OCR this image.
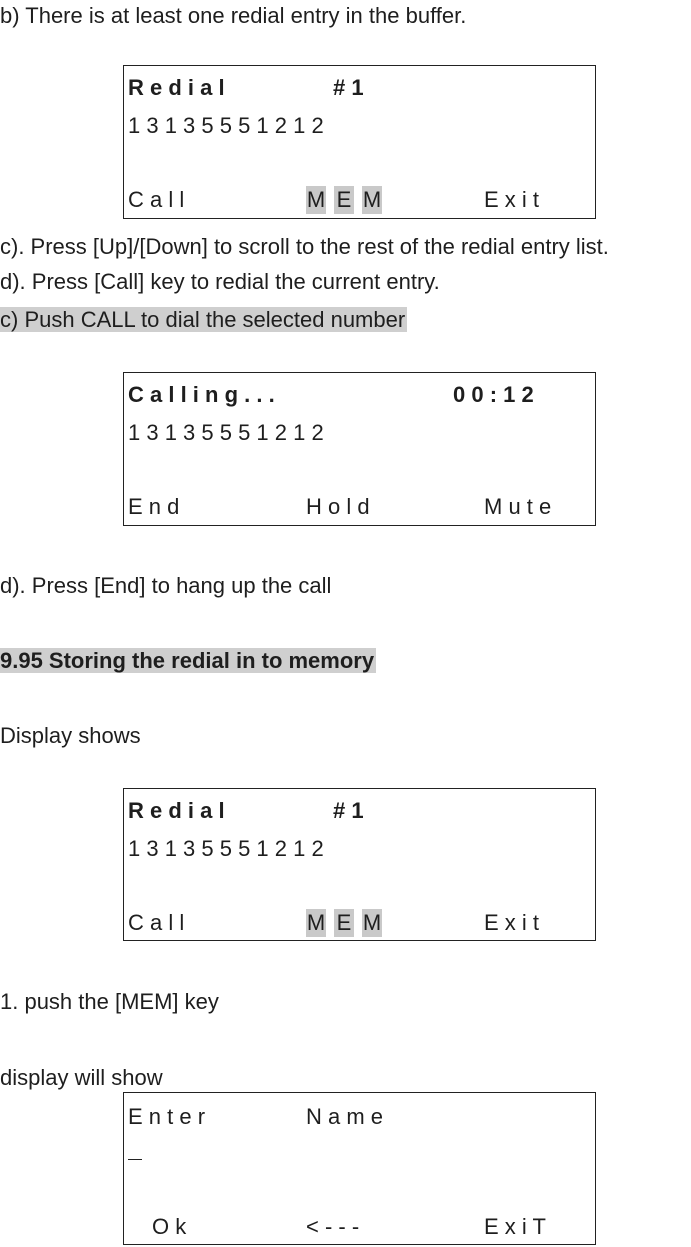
b) There is at least one redial entry in the buffer.
R e d i a l	# 1
1 3 1 3 5 5 5 1 2 1 2
C a l l	M E M	E x i t
c). Press [Up]/[Down] to scroll to the rest of the redial entry list.
d). Press [Call] key to redial the current entry.
c) Push CALL to dial the selected number
C a l l i n g . . .	0 0 : 1 2
1 3 1 3 5 5 5 1 2 1 2
E n d	H o l d	M u t e
d). Press [End] to hang up the call
9.95 Storing the redial in to memory
Display shows
R e d i a l	# 1
1 3 1 3 5 5 5 1 2 1 2
C a l l	M E M	E x i t
1. push the [MEM] key
display will show
E n t e r	N a m e
O k	< - - -	E x i T
